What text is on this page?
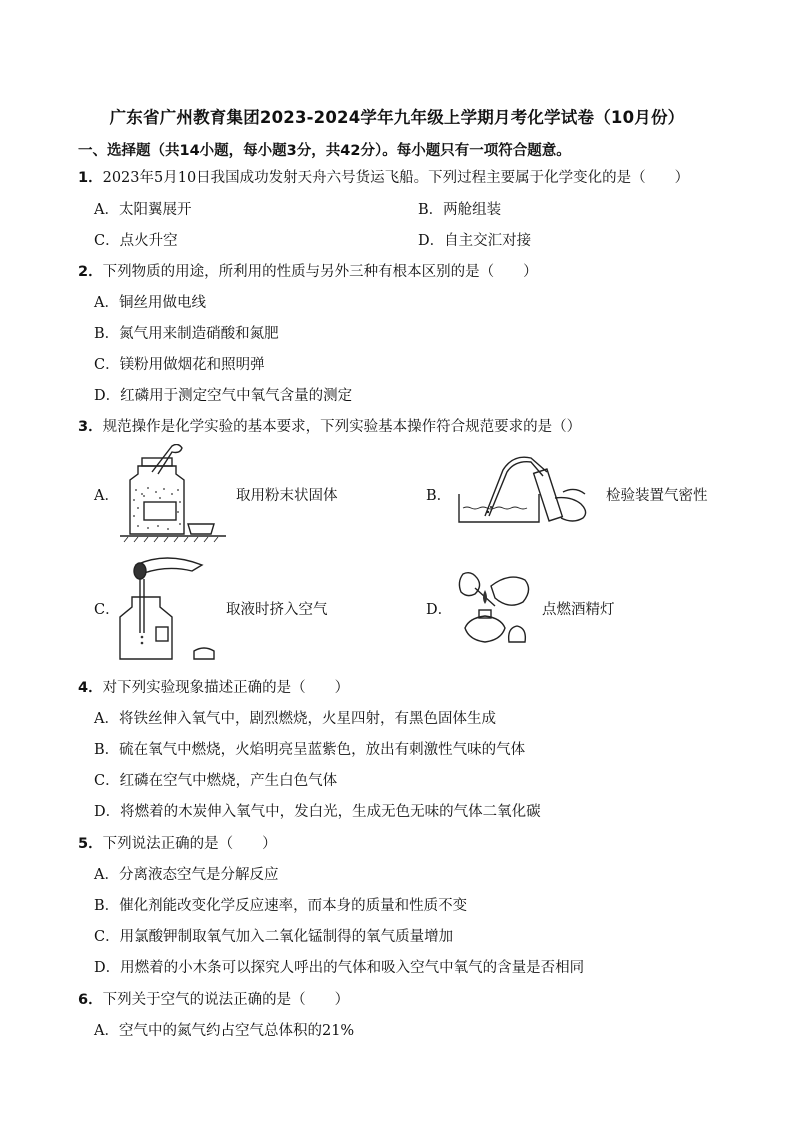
广东省广州教育集团2023-2024学年九年级上学期月考化学试卷（10月份）
一、选择题（共14小题，每小题3分，共42分）。每小题只有一项符合题意。
1．2023年5月10日我国成功发射天舟六号货运飞船。下列过程主要属于化学变化的是（　　）
A．太阳翼展开	B．两舱组装
C．点火升空	D．自主交汇对接
2．下列物质的用途，所利用的性质与另外三种有根本区别的是（　　）
A．铜丝用做电线
B．氮气用来制造硝酸和氮肥
C．镁粉用做烟花和照明弹
D．红磷用于测定空气中氧气含量的测定
3．规范操作是化学实验的基本要求，下列实验基本操作符合规范要求的是（）
A．	取用粉末状固体	B．	检验装置气密性
C．	取液时挤入空气	D．	点燃酒精灯
4．对下列实验现象描述正确的是（　　）
A．将铁丝伸入氧气中，剧烈燃烧，火星四射，有黑色固体生成
B．硫在氧气中燃烧，火焰明亮呈蓝紫色，放出有刺激性气味的气体
C．红磷在空气中燃烧，产生白色气体
D．将燃着的木炭伸入氧气中，发白光，生成无色无味的气体二氧化碳
5．下列说法正确的是（　　）
A．分离液态空气是分解反应
B．催化剂能改变化学反应速率，而本身的质量和性质不变
C．用氯酸钾制取氧气加入二氧化锰制得的氧气质量增加
D．用燃着的小木条可以探究人呼出的气体和吸入空气中氧气的含量是否相同
6．下列关于空气的说法正确的是（　　）
A．空气中的氮气约占空气总体积的21%
